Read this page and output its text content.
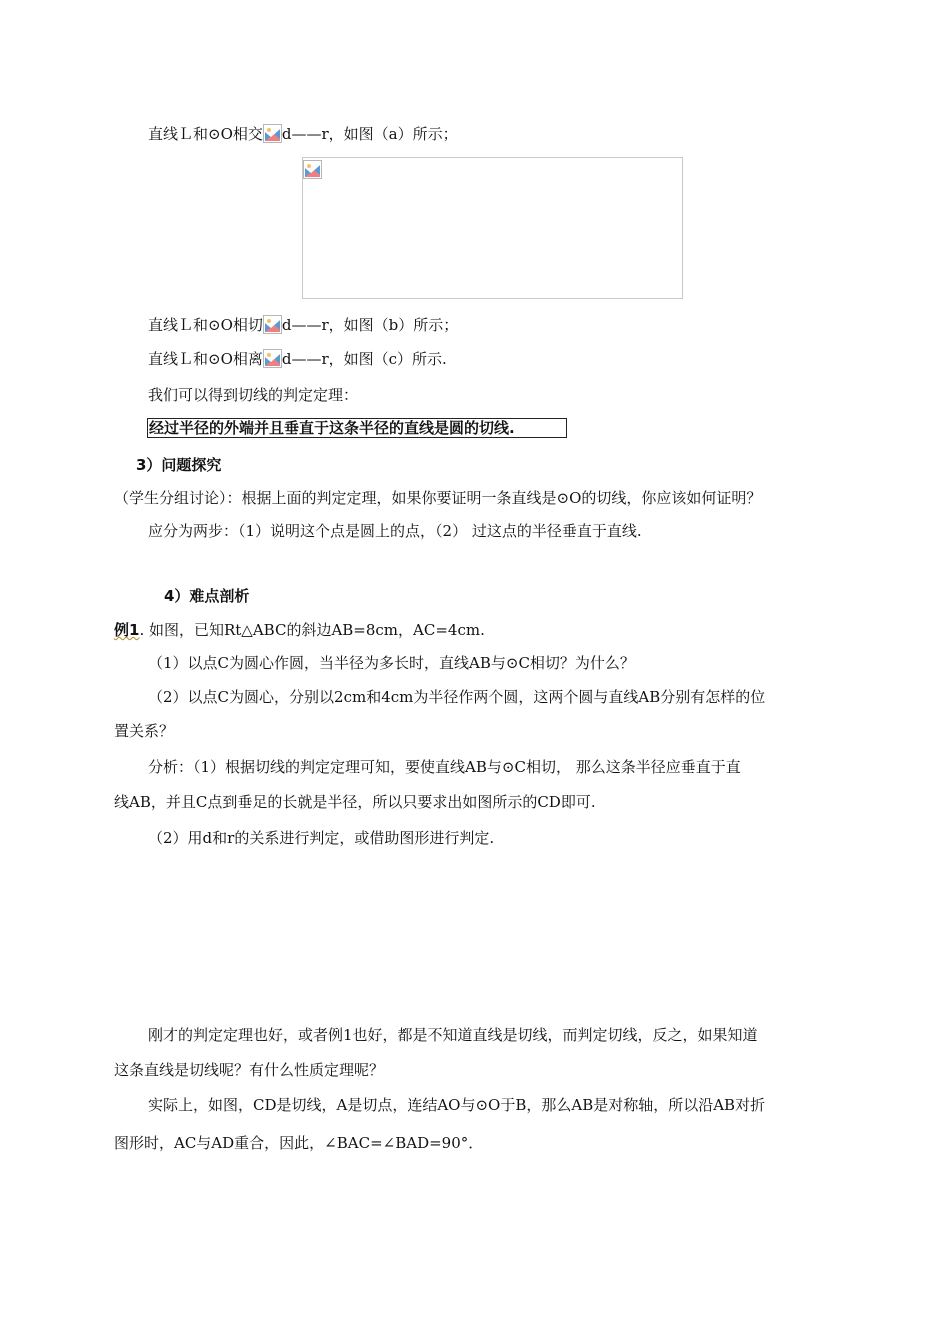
直线Ｌ和⊙O相交 d——r，如图（a）所示；
直线Ｌ和⊙O相切 d——r，如图（b）所示；
直线Ｌ和⊙O相离 d——r，如图（c）所示.
我们可以得到切线的判定定理：
经过半径的外端并且垂直于这条半径的直线是圆的切线.
3）问题探究
（学生分组讨论）：根据上面的判定定理，如果你要证明一条直线是⊙O的切线，你应该如何证明？
应分为两步：（1）说明这个点是圆上的点，（2） 过这点的半径垂直于直线.
4）难点剖析
例1. 如图，已知Rt△ABC的斜边AB=8cm，AC=4cm.
（1）以点C为圆心作圆，当半径为多长时，直线AB与⊙C相切？为什么？
（2）以点C为圆心，分别以2cm和4cm为半径作两个圆，这两个圆与直线AB分别有怎样的位
置关系？
分析：（1）根据切线的判定定理可知，要使直线AB与⊙C相切， 那么这条半径应垂直于直
线AB，并且C点到垂足的长就是半径，所以只要求出如图所示的CD即可.
（2）用d和r的关系进行判定，或借助图形进行判定.
刚才的判定定理也好，或者例1也好，都是不知道直线是切线，而判定切线，反之，如果知道
这条直线是切线呢？有什么性质定理呢？
实际上，如图，CD是切线，A是切点，连结AO与⊙O于B，那么AB是对称轴，所以沿AB对折
图形时，AC与AD重合，因此，∠BAC=∠BAD=90°．
